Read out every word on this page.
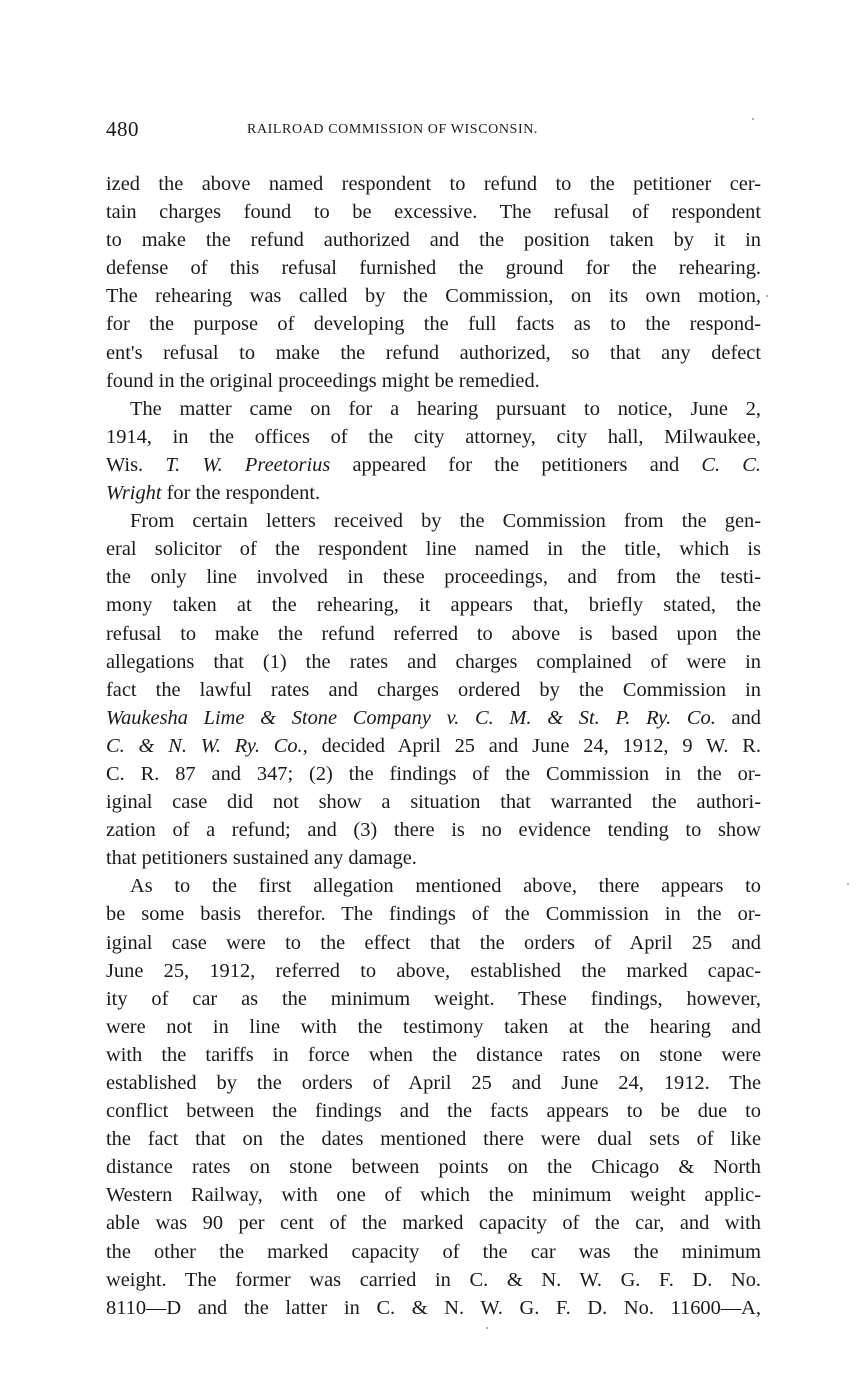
480	RAILROAD COMMISSION OF WISCONSIN.
ized the above named respondent to refund to the petitioner cer-
tain charges found to be excessive. The refusal of respondent
to make the refund authorized and the position taken by it in
defense of this refusal furnished the ground for the rehearing.
The rehearing was called by the Commission, on its own motion,
for the purpose of developing the full facts as to the respond-
ent's refusal to make the refund authorized, so that any defect
found in the original proceedings might be remedied.
The matter came on for a hearing pursuant to notice, June 2,
1914, in the offices of the city attorney, city hall, Milwaukee,
Wis. T. W. Preetorius appeared for the petitioners and C. C.
Wright for the respondent.
From certain letters received by the Commission from the gen-
eral solicitor of the respondent line named in the title, which is
the only line involved in these proceedings, and from the testi-
mony taken at the rehearing, it appears that, briefly stated, the
refusal to make the refund referred to above is based upon the
allegations that (1) the rates and charges complained of were in
fact the lawful rates and charges ordered by the Commission in
Waukesha Lime & Stone Company v. C. M. & St. P. Ry. Co. and
C. & N. W. Ry. Co., decided April 25 and June 24, 1912, 9 W. R.
C. R. 87 and 347; (2) the findings of the Commission in the or-
iginal case did not show a situation that warranted the authori-
zation of a refund; and (3) there is no evidence tending to show
that petitioners sustained any damage.
As to the first allegation mentioned above, there appears to
be some basis therefor. The findings of the Commission in the or-
iginal case were to the effect that the orders of April 25 and
June 25, 1912, referred to above, established the marked capac-
ity of car as the minimum weight. These findings, however,
were not in line with the testimony taken at the hearing and
with the tariffs in force when the distance rates on stone were
established by the orders of April 25 and June 24, 1912. The
conflict between the findings and the facts appears to be due to
the fact that on the dates mentioned there were dual sets of like
distance rates on stone between points on the Chicago & North
Western Railway, with one of which the minimum weight applic-
able was 90 per cent of the marked capacity of the car, and with
the other the marked capacity of the car was the minimum
weight. The former was carried in C. & N. W. G. F. D. No.
8110—D and the latter in C. & N. W. G. F. D. No. 11600—A,
